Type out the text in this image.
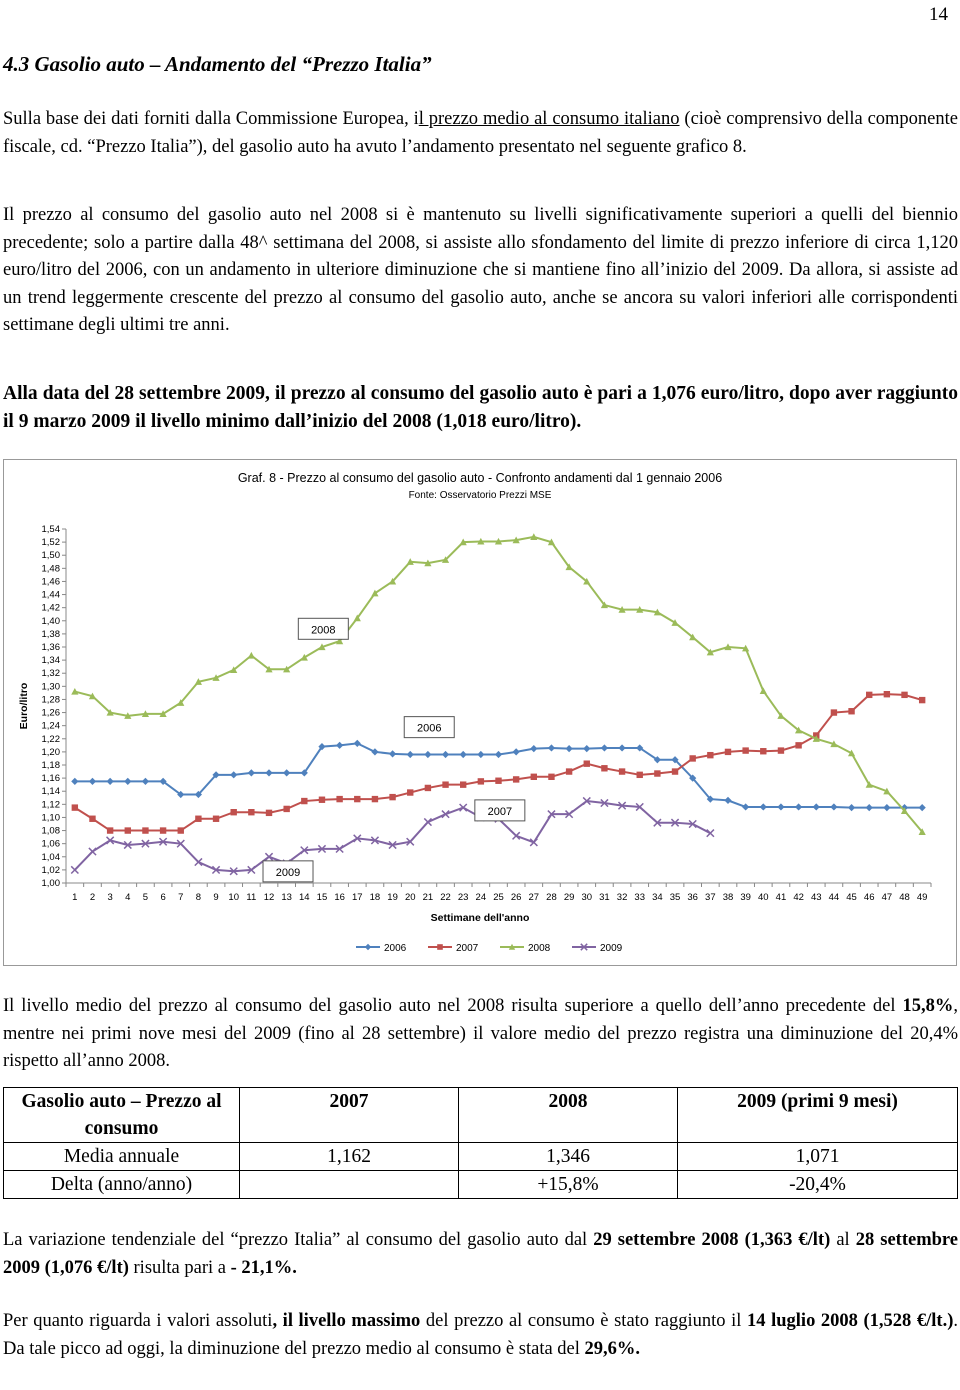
14
4.3 Gasolio auto – Andamento del “Prezzo Italia”
Sulla base dei dati forniti dalla Commissione Europea, il prezzo medio al consumo italiano (cioè comprensivo della componente fiscale, cd. “Prezzo Italia”), del gasolio auto ha avuto l’andamento presentato nel seguente grafico 8.
Il prezzo al consumo del gasolio auto nel 2008 si è mantenuto su livelli significativamente superiori a quelli del biennio precedente; solo a partire dalla 48^ settimana del 2008, si assiste allo sfondamento del limite di prezzo inferiore di circa 1,120 euro/litro del 2006, con un andamento in ulteriore diminuzione che si mantiene fino all’inizio del 2009. Da allora, si assiste ad un trend leggermente crescente del prezzo al consumo del gasolio auto, anche se ancora su valori inferiori alle corrispondenti settimane degli ultimi tre anni.
Alla data del 28 settembre 2009, il prezzo al consumo del gasolio auto è pari a 1,076 euro/litro, dopo aver raggiunto il 9 marzo 2009 il livello minimo dall’inizio del 2008 (1,018 euro/litro).
Graf. 8 - Prezzo al consumo del gasolio auto - Confronto andamenti dal 1 gennaio 2006
Fonte: Osservatorio Prezzi MSE
1,00
1,02
1,04
1,06
1,08
1,10
1,12
1,14
1,16
1,18
1,20
1,22
1,24
1,26
1,28
1,30
1,32
1,34
1,36
1,38
1,40
1,42
1,44
1,46
1,48
1,50
1,52
1,54
1 2 3 4 5 6 7 8 9 10 11 12 13 14 15 16 17 18 19 20 21 22 23 24 25 26 27 28 29 30 31 32 33 34 35 36 37 38 39 40 41 42 43 44 45 46 47 48 49
Settimane dell'anno
Euro/litro
2008
2006
2007
2009
2006	2007	2008	2009
Il livello medio del prezzo al consumo del gasolio auto nel 2008 risulta superiore a quello dell’anno precedente del 15,8%, mentre nei primi nove mesi del 2009 (fino al 28 settembre) il valore medio del prezzo registra una diminuzione del 20,4% rispetto all’anno 2008.
Gasolio auto – Prezzo al consumo	2007	2008	2009 (primi 9 mesi)
Media annuale	1,162	1,346	1,071
Delta (anno/anno)		+15,8%	-20,4%
La variazione tendenziale del “prezzo Italia” al consumo del gasolio auto dal 29 settembre 2008 (1,363 €/lt) al 28 settembre 2009 (1,076 €/lt) risulta pari a - 21,1%.
Per quanto riguarda i valori assoluti, il livello massimo del prezzo al consumo è stato raggiunto il 14 luglio 2008 (1,528 €/lt.). Da tale picco ad oggi, la diminuzione del prezzo medio al consumo è stata del 29,6%.
